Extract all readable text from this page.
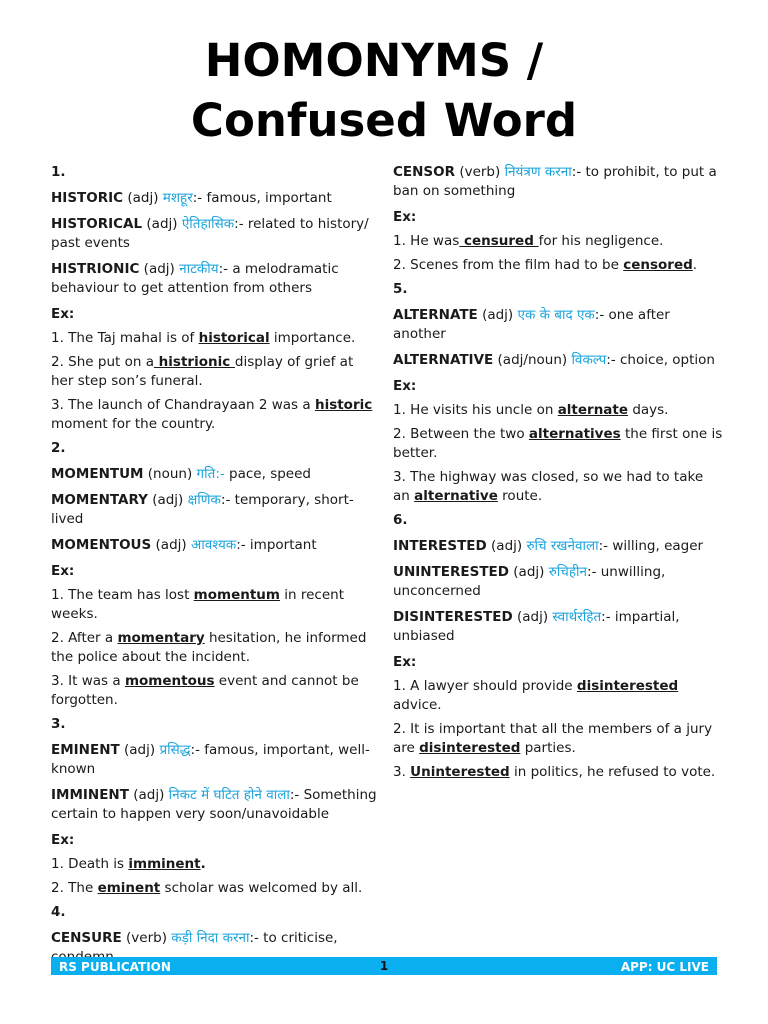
HOMONYMS /
Confused Word
1.
HISTORIC (adj) मशहूर:- famous, important
HISTORICAL (adj) ऐतिहासिक:- related to history/ past events
HISTRIONIC (adj) नाटकीय:- a melodramatic behaviour to get attention from others
Ex:
1. The Taj mahal is of historical importance.
2. She put on a histrionic display of grief at her step son’s funeral.
3. The launch of Chandrayaan 2 was a historic moment for the country.
2.
MOMENTUM (noun) गति:- pace, speed
MOMENTARY (adj) क्षणिक:- temporary, short-lived
MOMENTOUS (adj) आवश्यक:- important
Ex:
1. The team has lost momentum in recent weeks.
2. After a momentary hesitation, he informed the police about the incident.
3. It was a momentous event and cannot be forgotten.
3.
EMINENT (adj) प्रसिद्ध:- famous, important, well-known
IMMINENT (adj) निकट में घटित होने वाला:- Something certain to happen very soon/unavoidable
Ex:
1. Death is imminent.
2. The eminent scholar was welcomed by all.
4.
CENSURE (verb) कड़ी निदा करना:- to criticise,
CENSOR (verb) नियंत्रण करना:- to prohibit, to put a ban on something
Ex:
1. He was censured for his negligence.
2. Scenes from the film had to be censored.
5.
ALTERNATE (adj) एक के बाद एक:- one after another
ALTERNATIVE (adj/noun) विकल्प:- choice, option
Ex:
1. He visits his uncle on alternate days.
2. Between the two alternatives the first one is better.
3. The highway was closed, so we had to take an alternative route.
6.
INTERESTED (adj) रुचि रखनेवाला:- willing, eager
UNINTERESTED (adj) रुचिहीन:- unwilling, unconcerned
DISINTERESTED (adj) स्वार्थरहित:- impartial, unbiased
Ex:
1. A lawyer should provide disinterested advice.
2. It is important that all the members of a jury are disinterested parties.
3. Uninterested in politics, he refused to vote.
RS PUBLICATION	1	APP: UC LIVE
